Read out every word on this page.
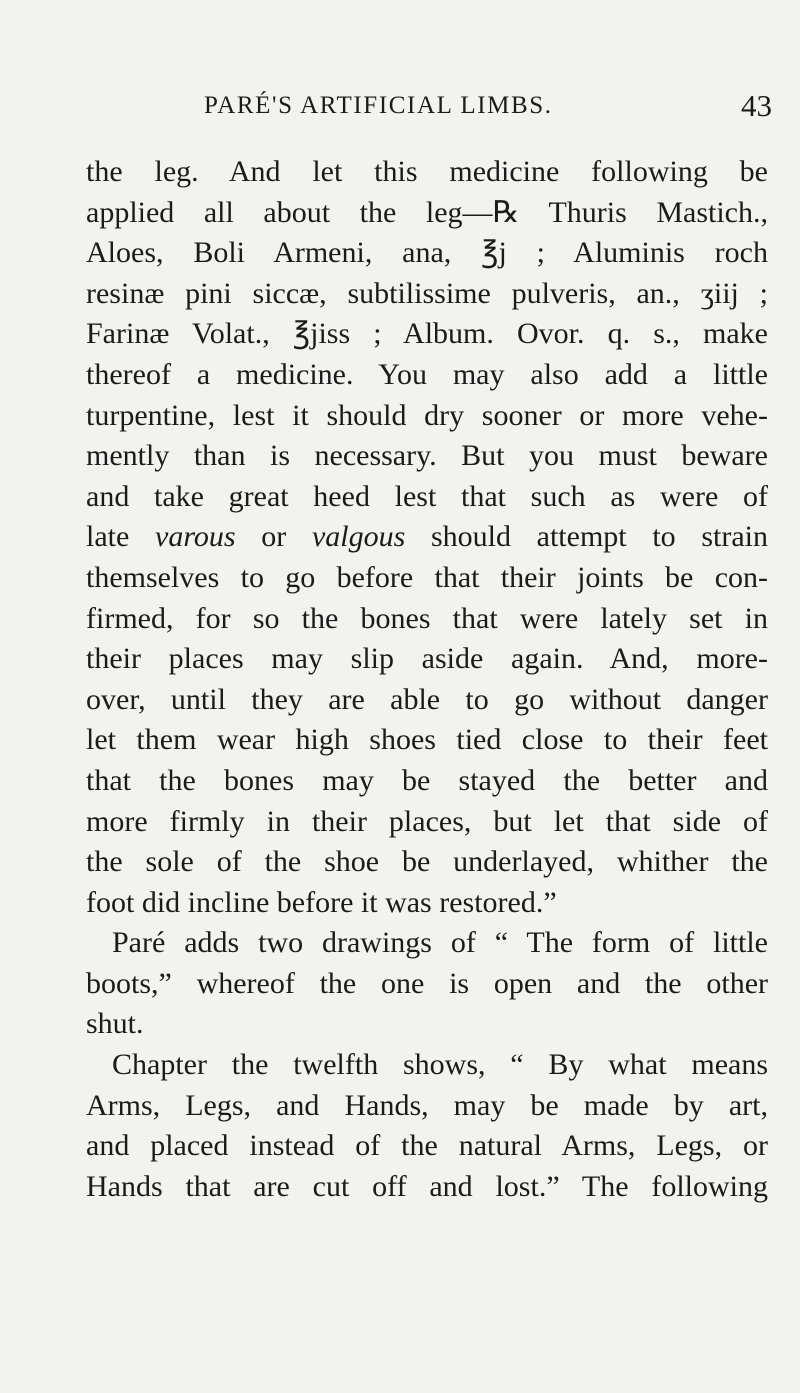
PARÉ'S ARTIFICIAL LIMBS.	43
the leg. And let this medicine following be
applied all about the leg—℞ Thuris Mastich.,
Aloes, Boli Armeni, ana, ℥j ; Aluminis roch
resinæ pini siccæ, subtilissime pulveris, an., ʒiij ;
Farinæ Volat., ℥jiss ; Album. Ovor. q. s., make
thereof a medicine. You may also add a little
turpentine, lest it should dry sooner or more vehe-
mently than is necessary. But you must beware
and take great heed lest that such as were of
late varous or valgous should attempt to strain
themselves to go before that their joints be con-
firmed, for so the bones that were lately set in
their places may slip aside again. And, more-
over, until they are able to go without danger
let them wear high shoes tied close to their feet
that the bones may be stayed the better and
more firmly in their places, but let that side of
the sole of the shoe be underlayed, whither the
foot did incline before it was restored.”
Paré adds two drawings of “ The form of little
boots,” whereof the one is open and the other
shut.
Chapter the twelfth shows, “ By what means
Arms, Legs, and Hands, may be made by art,
and placed instead of the natural Arms, Legs, or
Hands that are cut off and lost.” The following
